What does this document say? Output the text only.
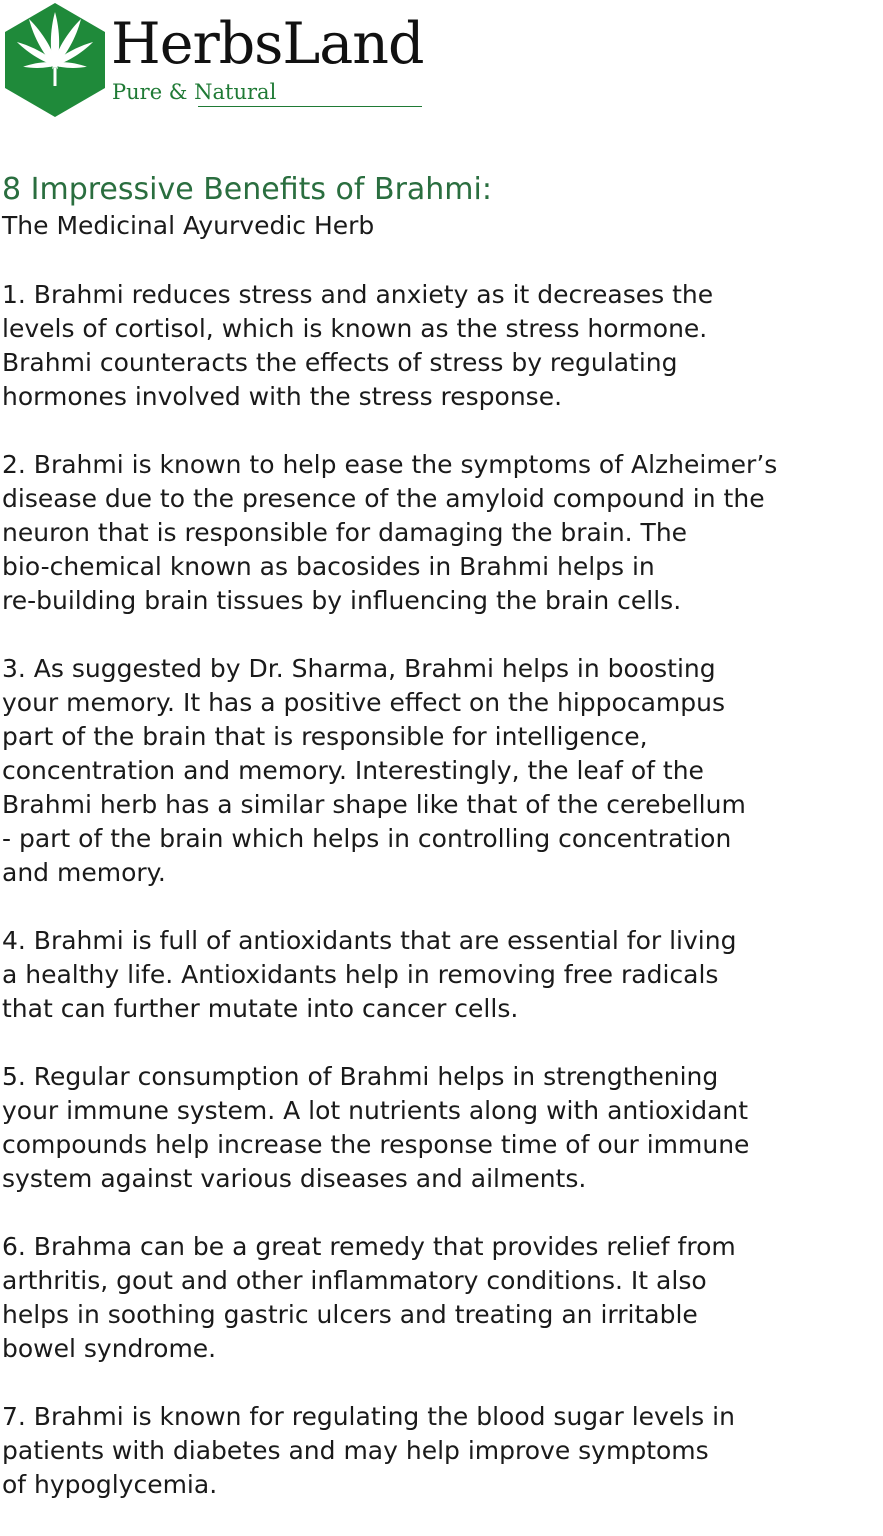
HerbsLand
Pure & Natural
8 Impressive Benefits of Brahmi:
The Medicinal Ayurvedic Herb
1. Brahmi reduces stress and anxiety as it decreases the
levels of cortisol, which is known as the stress hormone.
Brahmi counteracts the effects of stress by regulating
hormones involved with the stress response.
2. Brahmi is known to help ease the symptoms of Alzheimer’s
disease due to the presence of the amyloid compound in the
neuron that is responsible for damaging the brain. The
bio-chemical known as bacosides in Brahmi helps in
re-building brain tissues by influencing the brain cells.
3. As suggested by Dr. Sharma, Brahmi helps in boosting
your memory. It has a positive effect on the hippocampus
part of the brain that is responsible for intelligence,
concentration and memory. Interestingly, the leaf of the
Brahmi herb has a similar shape like that of the cerebellum
- part of the brain which helps in controlling concentration
and memory.
4. Brahmi is full of antioxidants that are essential for living
a healthy life. Antioxidants help in removing free radicals
that can further mutate into cancer cells.
5. Regular consumption of Brahmi helps in strengthening
your immune system. A lot nutrients along with antioxidant
compounds help increase the response time of our immune
system against various diseases and ailments.
6. Brahma can be a great remedy that provides relief from
arthritis, gout and other inflammatory conditions. It also
helps in soothing gastric ulcers and treating an irritable
bowel syndrome.
7. Brahmi is known for regulating the blood sugar levels in
patients with diabetes and may help improve symptoms
of hypoglycemia.
